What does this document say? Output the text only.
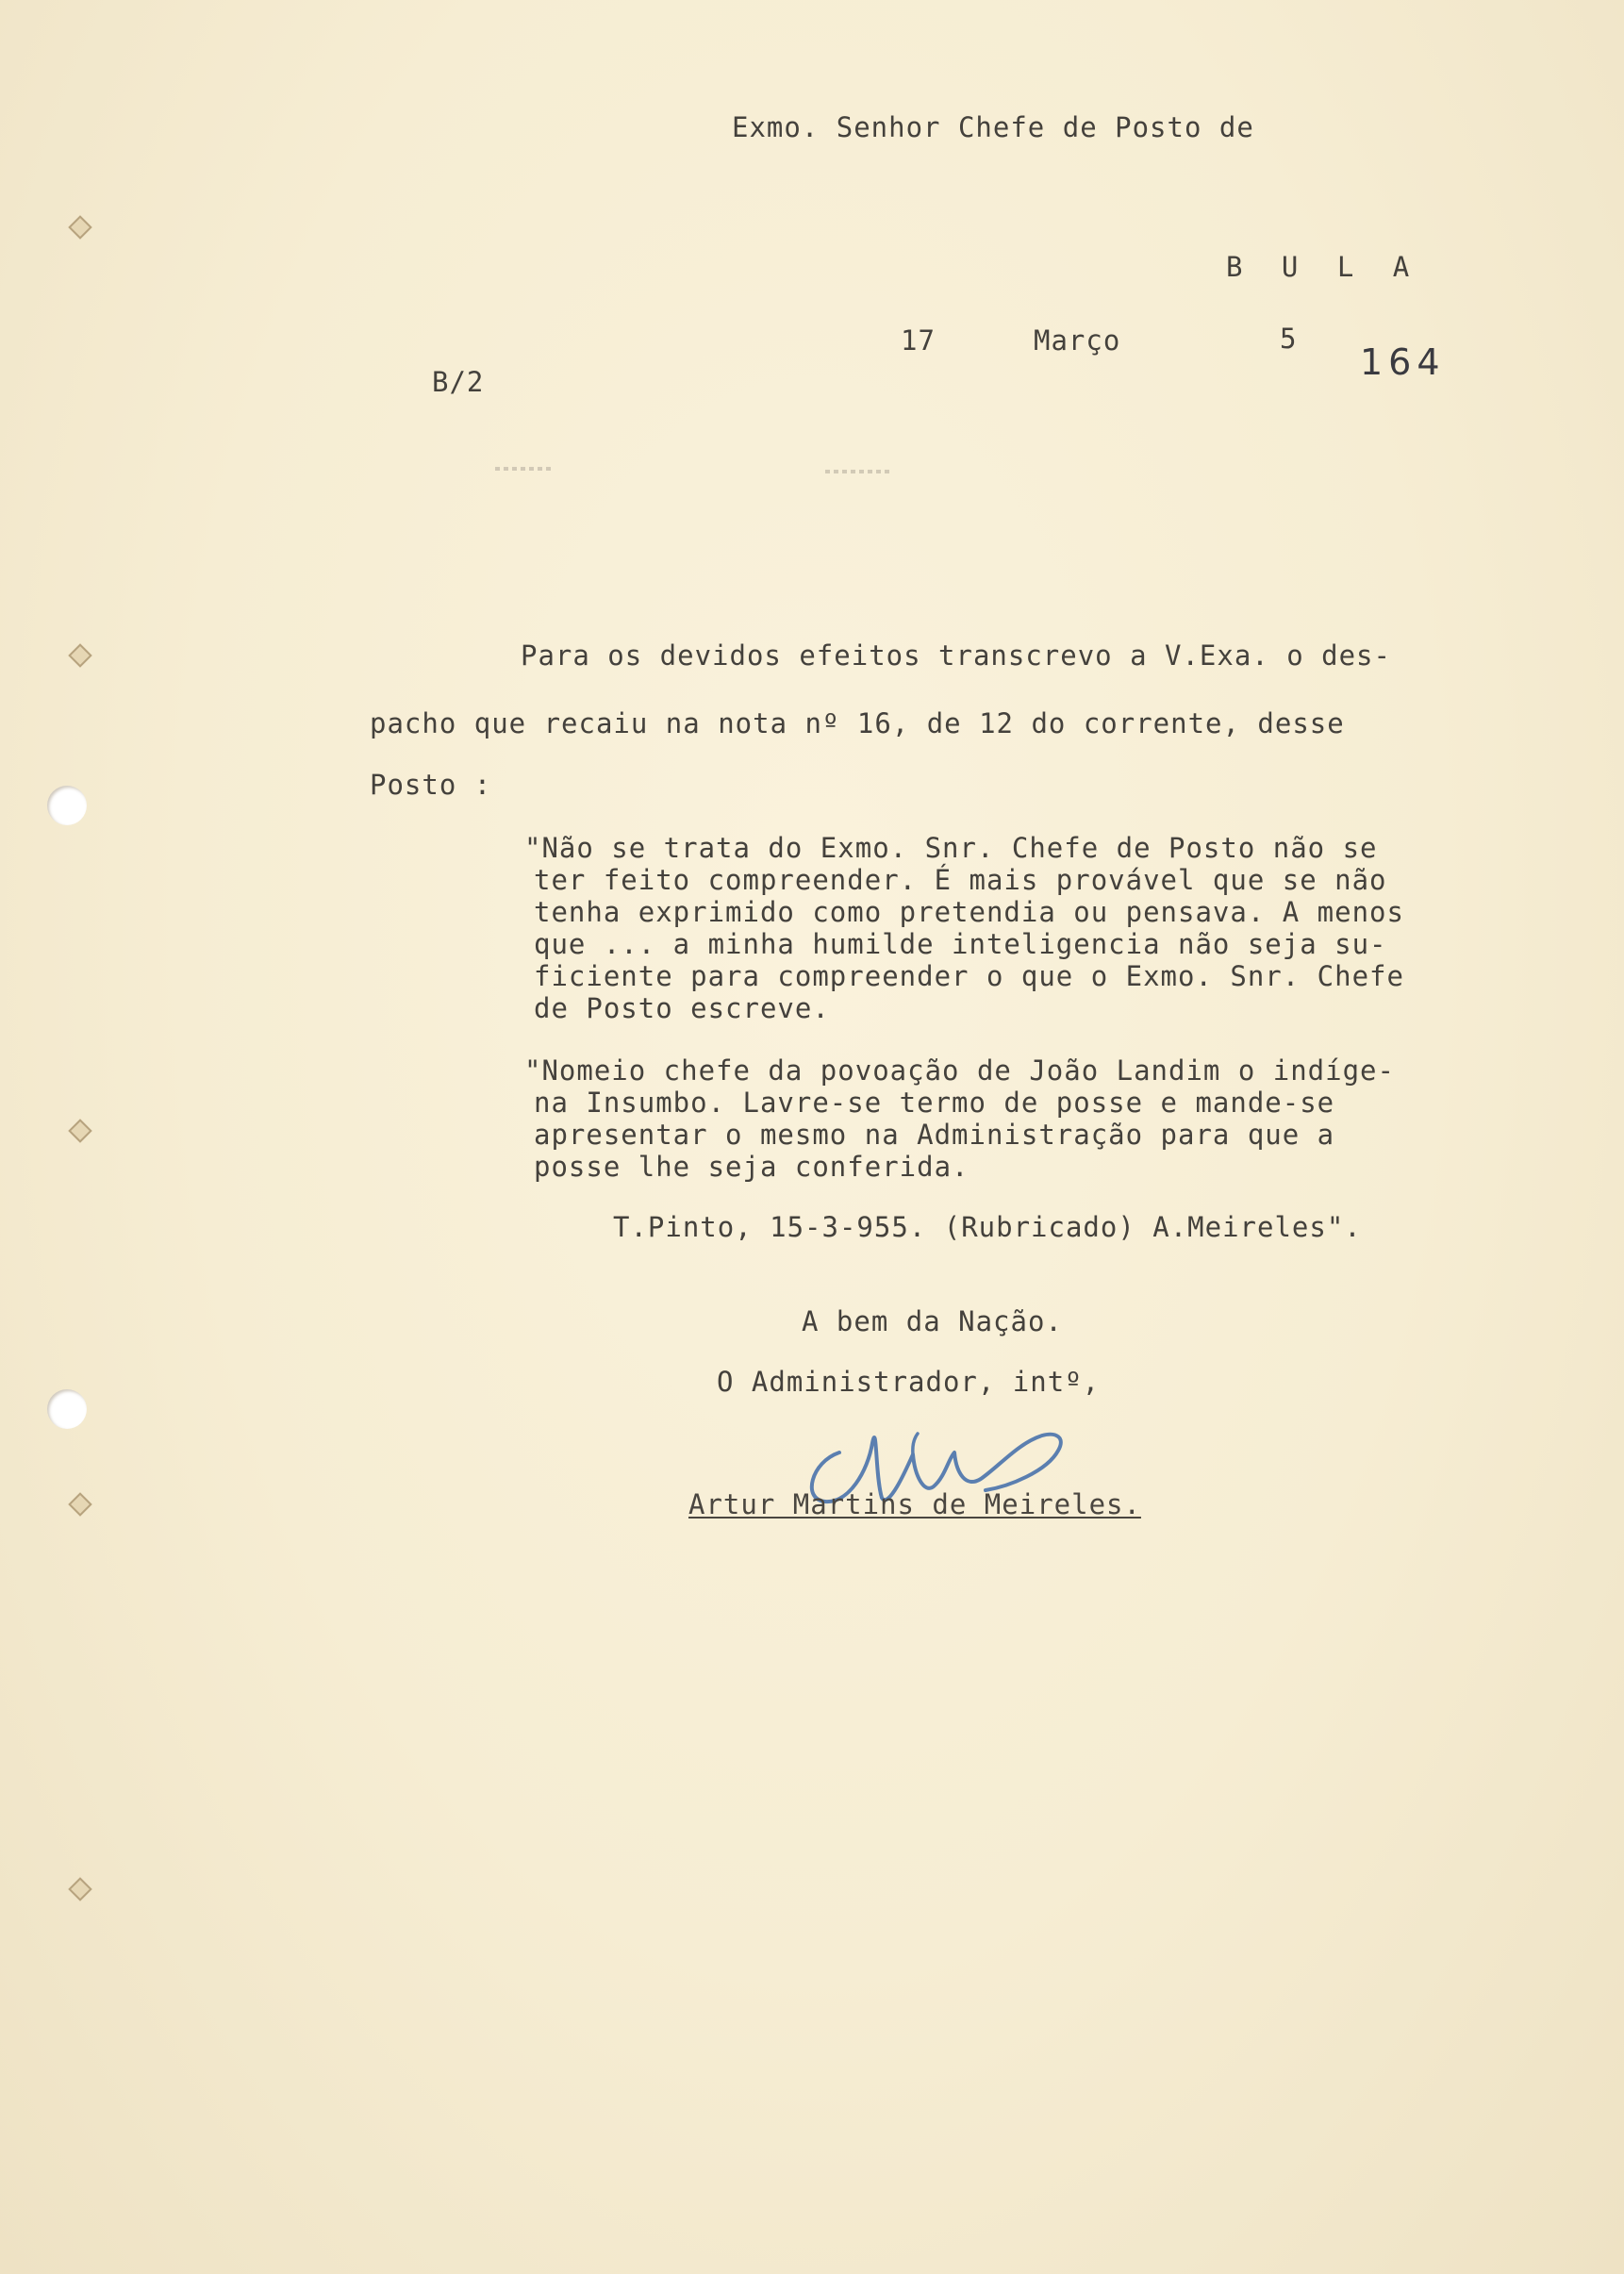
Exmo. Senhor Chefe de Posto de
B U L A
17	Março	5
164
B/2
Para os devidos efeitos transcrevo a V.Exa. o des-
pacho que recaiu na nota nº 16, de 12 do corrente, desse
Posto :
"Não se trata do Exmo. Snr. Chefe de Posto não se
ter feito compreender. É mais provável que se não
tenha exprimido como pretendia ou pensava. A menos
que ... a minha humilde inteligencia não seja su-
ficiente para compreender o que o Exmo. Snr. Chefe
de Posto escreve.
"Nomeio chefe da povoação de João Landim o indíge-
na Insumbo. Lavre-se termo de posse e mande-se
apresentar o mesmo na Administração para que a
posse lhe seja conferida.
T.Pinto, 15-3-955. (Rubricado) A.Meireles".
A bem da Nação.
O Administrador, intº,
Artur Martins de Meireles.
